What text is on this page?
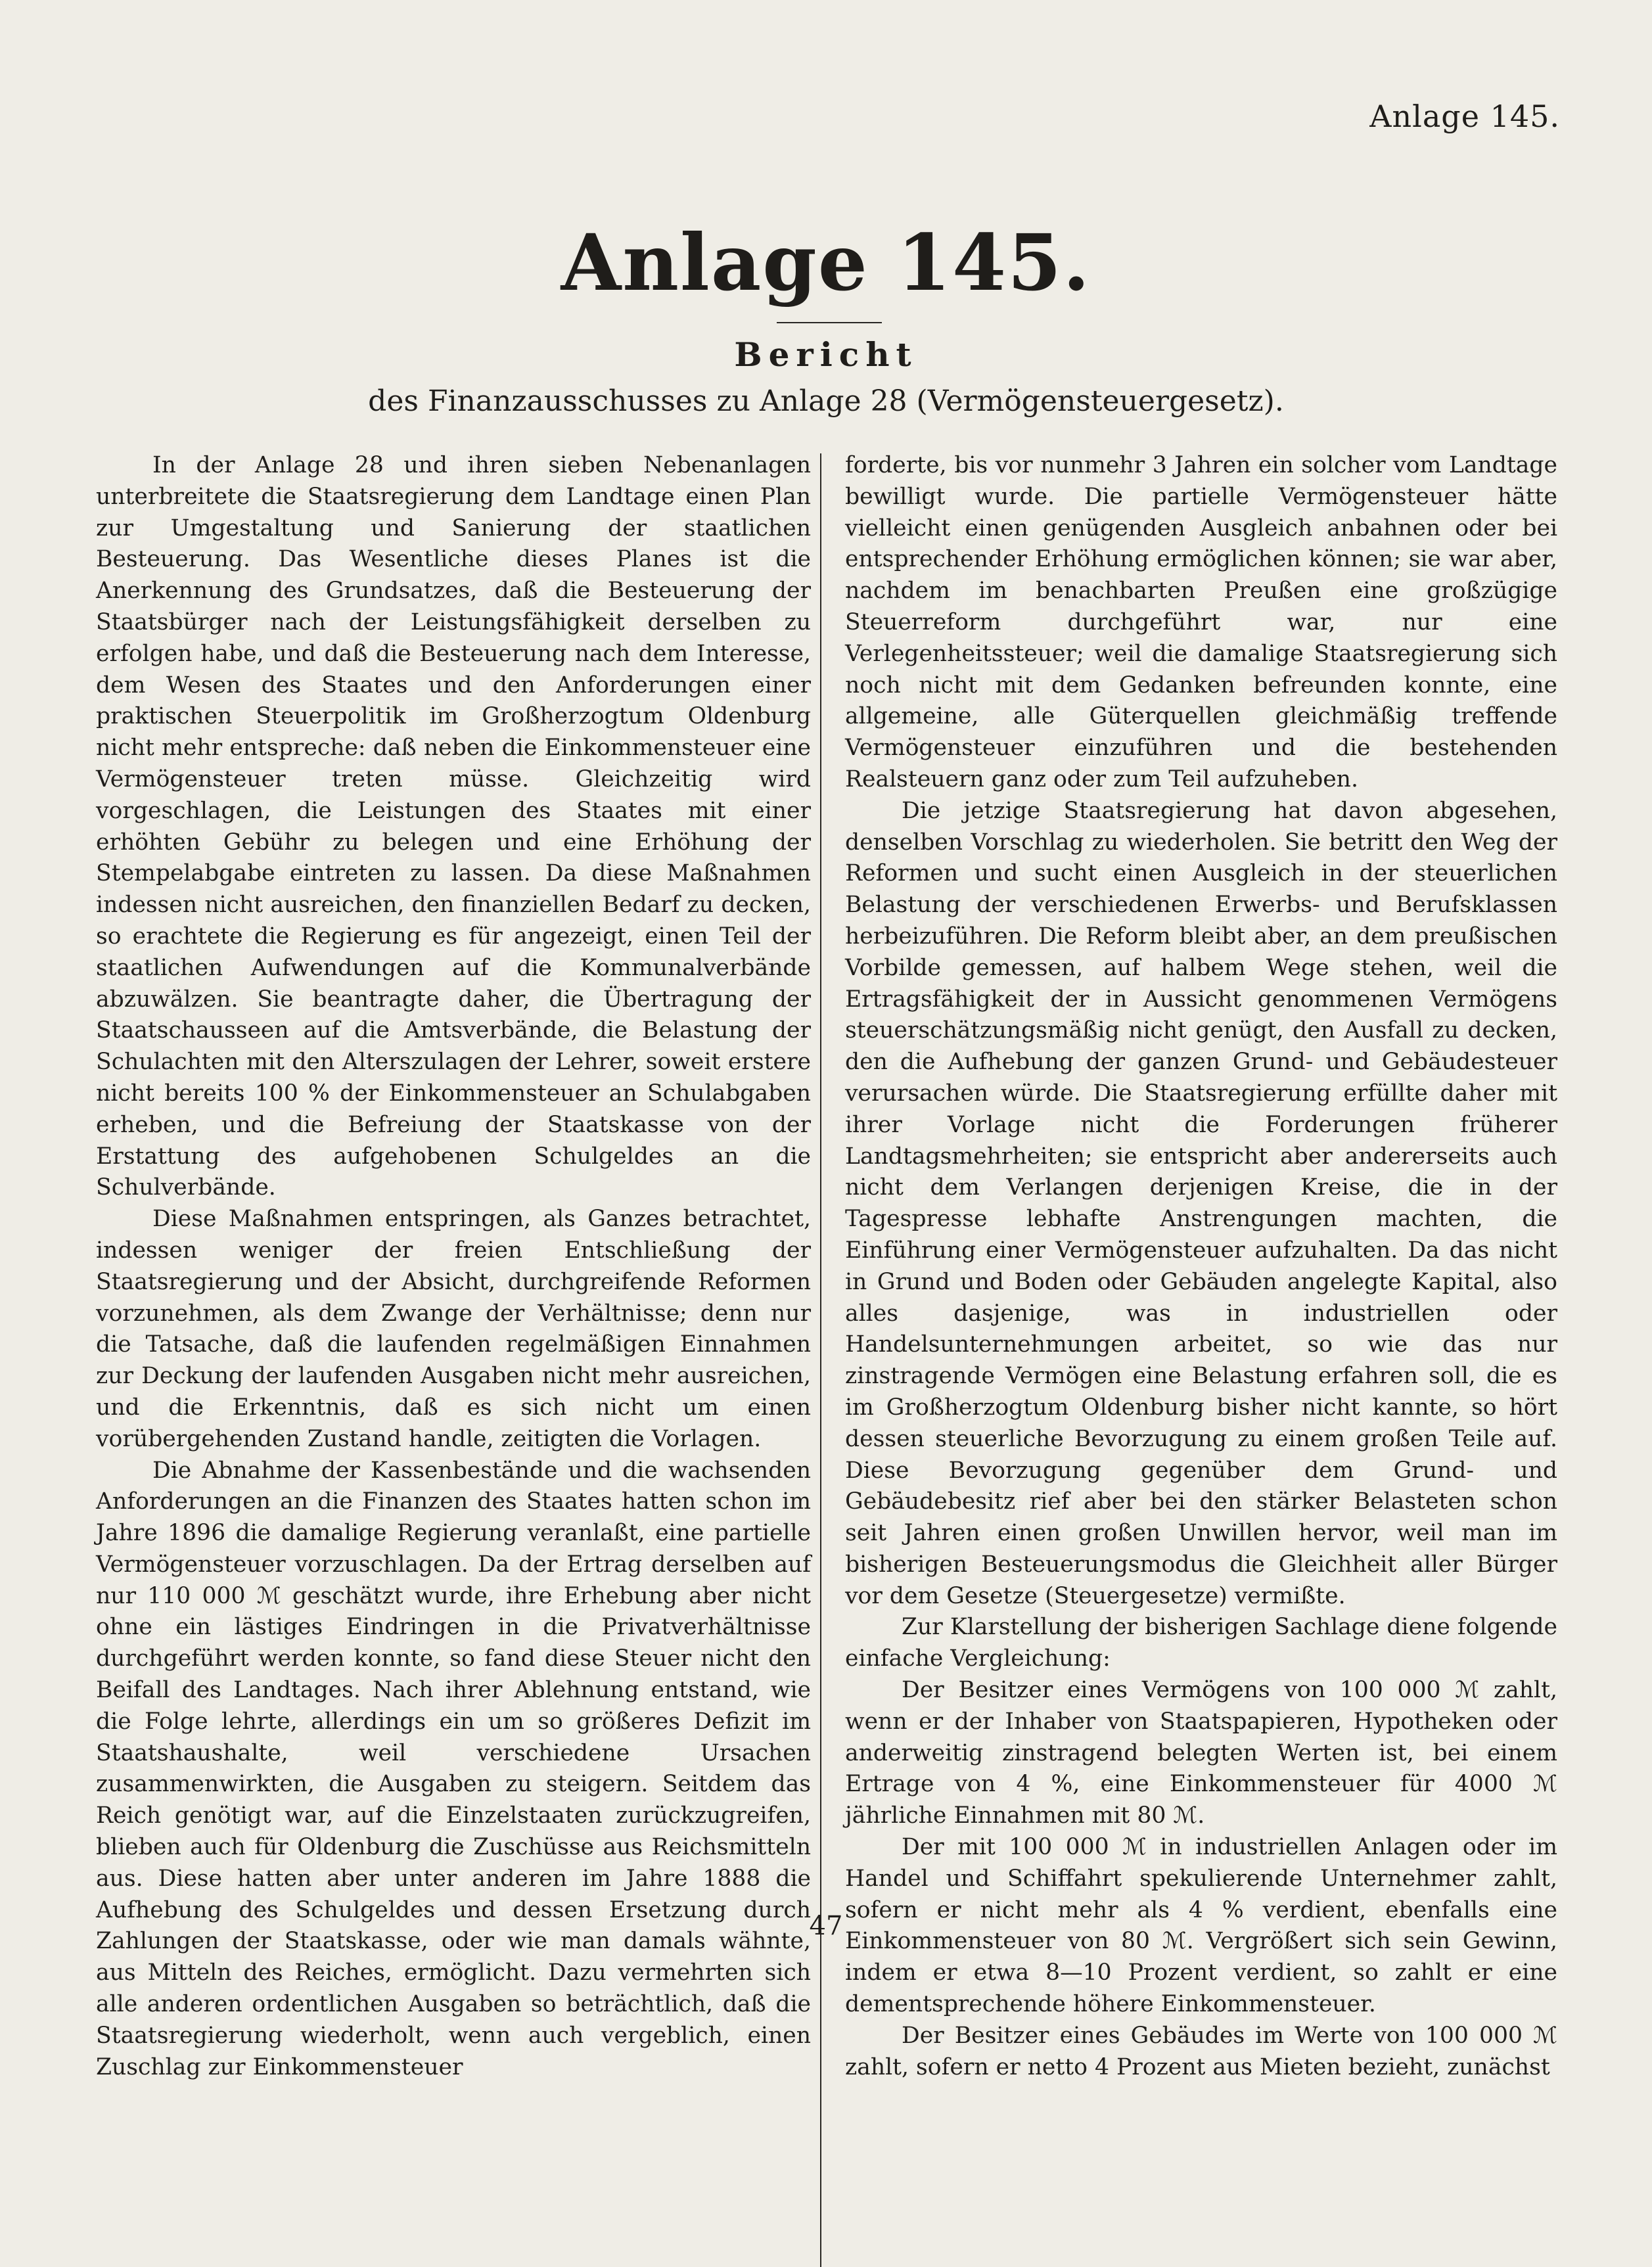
Anlage 145.
Anlage 145.
Bericht
des Finanzausschusses zu Anlage 28 (Vermögensteuergesetz).

In der Anlage 28 und ihren sieben Nebenanlagen unterbreitete die Staatsregierung dem Landtage einen Plan zur Umgestaltung und Sanierung der staatlichen Besteuerung. Das Wesentliche dieses Planes ist die Anerkennung des Grundsatzes, daß die Besteuerung der Staatsbürger nach der Leistungsfähigkeit derselben zu erfolgen habe, und daß die Besteuerung nach dem Interesse, dem Wesen des Staates und den Anforderungen einer praktischen Steuerpolitik im Großherzogtum Oldenburg nicht mehr entspreche: daß neben die Einkommensteuer eine Vermögensteuer treten müsse. Gleichzeitig wird vorgeschlagen, die Leistungen des Staates mit einer erhöhten Gebühr zu belegen und eine Erhöhung der Stempelabgabe eintreten zu lassen. Da diese Maßnahmen indessen nicht ausreichen, den finanziellen Bedarf zu decken, so erachtete die Regierung es für angezeigt, einen Teil der staatlichen Aufwendungen auf die Kommunalverbände abzuwälzen. Sie beantragte daher, die Übertragung der Staatschausseen auf die Amtsverbände, die Belastung der Schulachten mit den Alterszulagen der Lehrer, soweit erstere nicht bereits 100 % der Einkommensteuer an Schulabgaben erheben, und die Befreiung der Staatskasse von der Erstattung des aufgehobenen Schulgeldes an die Schulverbände.

Diese Maßnahmen entspringen, als Ganzes betrachtet, indessen weniger der freien Entschließung der Staatsregierung und der Absicht, durchgreifende Reformen vorzunehmen, als dem Zwange der Verhältnisse; denn nur die Tatsache, daß die laufenden regelmäßigen Einnahmen zur Deckung der laufenden Ausgaben nicht mehr ausreichen, und die Erkenntnis, daß es sich nicht um einen vorübergehenden Zustand handle, zeitigten die Vorlagen.

Die Abnahme der Kassenbestände und die wachsenden Anforderungen an die Finanzen des Staates hatten schon im Jahre 1896 die damalige Regierung veranlaßt, eine partielle Vermögensteuer vorzuschlagen. Da der Ertrag derselben auf nur 110 000 ℳ geschätzt wurde, ihre Erhebung aber nicht ohne ein lästiges Eindringen in die Privatverhältnisse durchgeführt werden konnte, so fand diese Steuer nicht den Beifall des Landtages. Nach ihrer Ablehnung entstand, wie die Folge lehrte, allerdings ein um so größeres Defizit im Staatshaushalte, weil verschiedene Ursachen zusammenwirkten, die Ausgaben zu steigern. Seitdem das Reich genötigt war, auf die Einzelstaaten zurückzugreifen, blieben auch für Oldenburg die Zuschüsse aus Reichsmitteln aus. Diese hatten aber unter anderen im Jahre 1888 die Aufhebung des Schulgeldes und dessen Ersetzung durch Zahlungen der Staatskasse, oder wie man damals wähnte, aus Mitteln des Reiches, ermöglicht. Dazu vermehrten sich alle anderen ordentlichen Ausgaben so beträchtlich, daß die Staatsregierung wiederholt, wenn auch vergeblich, einen Zuschlag zur Einkommensteuer

forderte, bis vor nunmehr 3 Jahren ein solcher vom Landtage bewilligt wurde. Die partielle Vermögensteuer hätte vielleicht einen genügenden Ausgleich anbahnen oder bei entsprechender Erhöhung ermöglichen können; sie war aber, nachdem im benachbarten Preußen eine großzügige Steuerreform durchgeführt war, nur eine Verlegenheitssteuer; weil die damalige Staatsregierung sich noch nicht mit dem Gedanken befreunden konnte, eine allgemeine, alle Güterquellen gleichmäßig treffende Vermögensteuer einzuführen und die bestehenden Realsteuern ganz oder zum Teil aufzuheben.

Die jetzige Staatsregierung hat davon abgesehen, denselben Vorschlag zu wiederholen. Sie betritt den Weg der Reformen und sucht einen Ausgleich in der steuerlichen Belastung der verschiedenen Erwerbs- und Berufsklassen herbeizuführen. Die Reform bleibt aber, an dem preußischen Vorbilde gemessen, auf halbem Wege stehen, weil die Ertragsfähigkeit der in Aussicht genommenen Vermögens steuerschätzungsmäßig nicht genügt, den Ausfall zu decken, den die Aufhebung der ganzen Grund- und Gebäudesteuer verursachen würde. Die Staatsregierung erfüllte daher mit ihrer Vorlage nicht die Forderungen früherer Landtagsmehrheiten; sie entspricht aber andererseits auch nicht dem Verlangen derjenigen Kreise, die in der Tagespresse lebhafte Anstrengungen machten, die Einführung einer Vermögensteuer aufzuhalten. Da das nicht in Grund und Boden oder Gebäuden angelegte Kapital, also alles dasjenige, was in industriellen oder Handelsunternehmungen arbeitet, so wie das nur zinstragende Vermögen eine Belastung erfahren soll, die es im Großherzogtum Oldenburg bisher nicht kannte, so hört dessen steuerliche Bevorzugung zu einem großen Teile auf. Diese Bevorzugung gegenüber dem Grund- und Gebäudebesitz rief aber bei den stärker Belasteten schon seit Jahren einen großen Unwillen hervor, weil man im bisherigen Besteuerungsmodus die Gleichheit aller Bürger vor dem Gesetze (Steuergesetze) vermißte.

Zur Klarstellung der bisherigen Sachlage diene folgende einfache Vergleichung:

Der Besitzer eines Vermögens von 100 000 ℳ zahlt, wenn er der Inhaber von Staatspapieren, Hypotheken oder anderweitig zinstragend belegten Werten ist, bei einem Ertrage von 4 %, eine Einkommensteuer für 4000 ℳ jährliche Einnahmen mit 80 ℳ.

Der mit 100 000 ℳ in industriellen Anlagen oder im Handel und Schiffahrt spekulierende Unternehmer zahlt, sofern er nicht mehr als 4 % verdient, ebenfalls eine Einkommensteuer von 80 ℳ. Vergrößert sich sein Gewinn, indem er etwa 8—10 Prozent verdient, so zahlt er eine dementsprechende höhere Einkommensteuer.

Der Besitzer eines Gebäudes im Werte von 100 000 ℳ zahlt, sofern er netto 4 Prozent aus Mieten bezieht, zunächst

47
